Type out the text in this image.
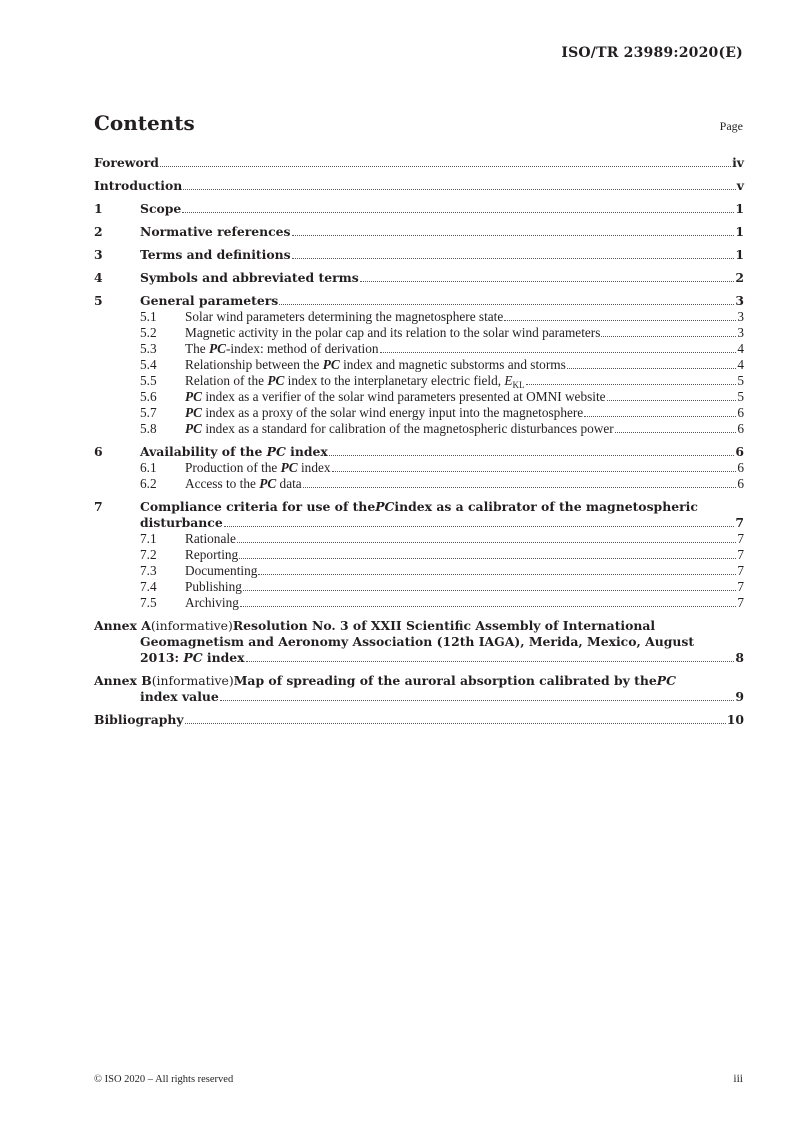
ISO/TR 23989:2020(E)
Contents	Page
Foreword	iv
Introduction	v
1	Scope	1
2	Normative references	1
3	Terms and definitions	1
4	Symbols and abbreviated terms	2
5	General parameters	3
5.1	Solar wind parameters determining the magnetosphere state	3
5.2	Magnetic activity in the polar cap and its relation to the solar wind parameters	3
5.3	The PC-index: method of derivation	4
5.4	Relationship between the PC index and magnetic substorms and storms	4
5.5	Relation of the PC index to the interplanetary electric field, $E_{KL}$	5
5.6	PC index as a verifier of the solar wind parameters presented at OMNI website	5
5.7	PC index as a proxy of the solar wind energy input into the magnetosphere	6
5.8	PC index as a standard for calibration of the magnetospheric disturbances power	6
6	Availability of the PC index	6
6.1	Production of the PC index	6
6.2	Access to the PC data	6
7	Compliance criteria for use of the PC index as a calibrator of the magnetospheric
disturbance	7
7.1	Rationale	7
7.2	Reporting	7
7.3	Documenting	7
7.4	Publishing	7
7.5	Archiving	7
Annex A (informative) Resolution No. 3 of XXII Scientific Assembly of International
Geomagnetism and Aeronomy Association (12th IAGA), Merida, Mexico, August
2013: PC index	8
Annex B (informative) Map of spreading of the auroral absorption calibrated by the PC
index value	9
Bibliography	10
© ISO 2020 – All rights reserved	iii
